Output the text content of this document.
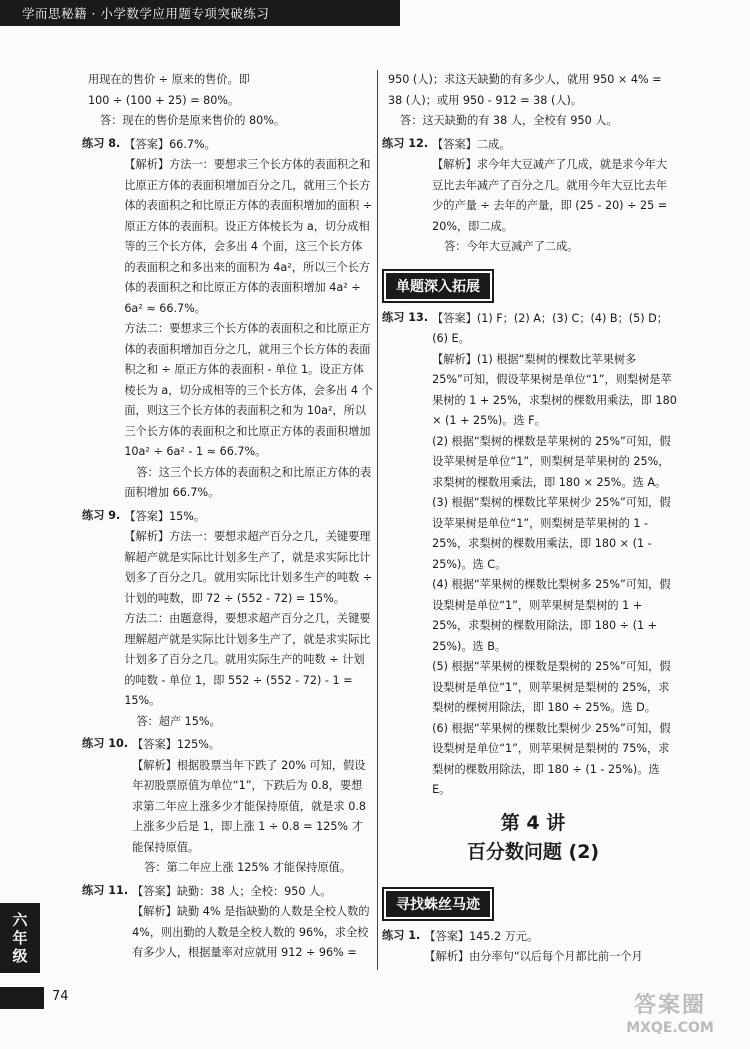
学而思秘籍 · 小学数学应用题专项突破练习

用现在的售价 ÷ 原来的售价。即

100 ÷ (100 + 25) = 80%。

答：现在的售价是原来售价的 80%。

练习 8. 【答案】66.7%。

【解析】方法一：要想求三个长方体的表面积之和比原正方体的表面积增加百分之几，就用三个长方体的表面积之和比原正方体的表面积增加的面积 ÷ 原正方体的表面积。设正方体棱长为 a，切分成相等的三个长方体，会多出 4 个面，这三个长方体的表面积之和多出来的面积为 4a²，所以三个长方体的表面积之和比原正方体的表面积增加 4a² ÷ 6a² ≈ 66.7%。

方法二：要想求三个长方体的表面积之和比原正方体的表面积增加百分之几，就用三个长方体的表面积之和 ÷ 原正方体的表面积 - 单位 1。设正方体棱长为 a，切分成相等的三个长方体，会多出 4 个面，则这三个长方体的表面积之和为 10a²，所以三个长方体的表面积之和比原正方体的表面积增加 10a² ÷ 6a² - 1 ≈ 66.7%。

答：这三个长方体的表面积之和比原正方体的表面积增加 66.7%。

练习 9. 【答案】15%。

【解析】方法一：要想求超产百分之几，关键要理解超产就是实际比计划多生产了，就是求实际比计划多了百分之几。就用实际比计划多生产的吨数 ÷ 计划的吨数，即 72 ÷ (552 - 72) = 15%。

方法二：由题意得，要想求超产百分之几，关键要理解超产就是实际比计划多生产了，就是求实际比计划多了百分之几。就用实际生产的吨数 ÷ 计划的吨数 - 单位 1，即 552 ÷ (552 - 72) - 1 = 15%。

答：超产 15%。

练习 10. 【答案】125%。

【解析】根据股票当年下跌了 20% 可知，假设年初股票原值为单位“1”，下跌后为 0.8，要想求第二年应上涨多少才能保持原值，就是求 0.8 上涨多少后是 1，即上涨 1 ÷ 0.8 = 125% 才能保持原值。

答：第二年应上涨 125% 才能保持原值。

练习 11. 【答案】缺勤：38 人；全校：950 人。

【解析】缺勤 4% 是指缺勤的人数是全校人数的 4%，则出勤的人数是全校人数的 96%，求全校有多少人，根据量率对应就用 912 ÷ 96% =

950 (人)；求这天缺勤的有多少人，就用 950 × 4% = 38 (人)；或用 950 - 912 = 38 (人)。

答：这天缺勤的有 38 人，全校有 950 人。

练习 12. 【答案】二成。

【解析】求今年大豆减产了几成，就是求今年大豆比去年减产了百分之几。就用今年大豆比去年少的产量 ÷ 去年的产量，即 (25 - 20) ÷ 25 = 20%，即二成。

答：今年大豆减产了二成。

单题深入拓展
练习 13. 【答案】(1) F；(2) A；(3) C；(4) B；(5) D；(6) E。

【解析】(1) 根据“梨树的棵数比苹果树多 25%”可知，假设苹果树是单位“1”，则梨树是苹果树的 1 + 25%，求梨树的棵数用乘法，即 180 × (1 + 25%)。选 F。

(2) 根据“梨树的棵数是苹果树的 25%”可知，假设苹果树是单位“1”，则梨树是苹果树的 25%，求梨树的棵数用乘法，即 180 × 25%。选 A。

(3) 根据“梨树的棵数比苹果树少 25%”可知，假设苹果树是单位“1”，则梨树是苹果树的 1 - 25%，求梨树的棵数用乘法，即 180 × (1 - 25%)。选 C。

(4) 根据“苹果树的棵数比梨树多 25%”可知，假设梨树是单位“1”，则苹果树是梨树的 1 + 25%，求梨树的棵数用除法，即 180 ÷ (1 + 25%)。选 B。

(5) 根据“苹果树的棵数是梨树的 25%”可知，假设梨树是单位“1”，则苹果树是梨树的 25%，求梨树的棵树用除法，即 180 ÷ 25%。选 D。

(6) 根据“苹果树的棵数比梨树少 25%”可知，假设梨树是单位“1”，则苹果树是梨树的 75%，求梨树的棵数用除法，即 180 ÷ (1 - 25%)。选 E。

第 4 讲
百分数问题 (2)
寻找蛛丝马迹
练习 1. 【答案】145.2 万元。

【解析】由分率句“以后每个月都比前一个月

六
年
级
74	答案圈
MXQE.COM
